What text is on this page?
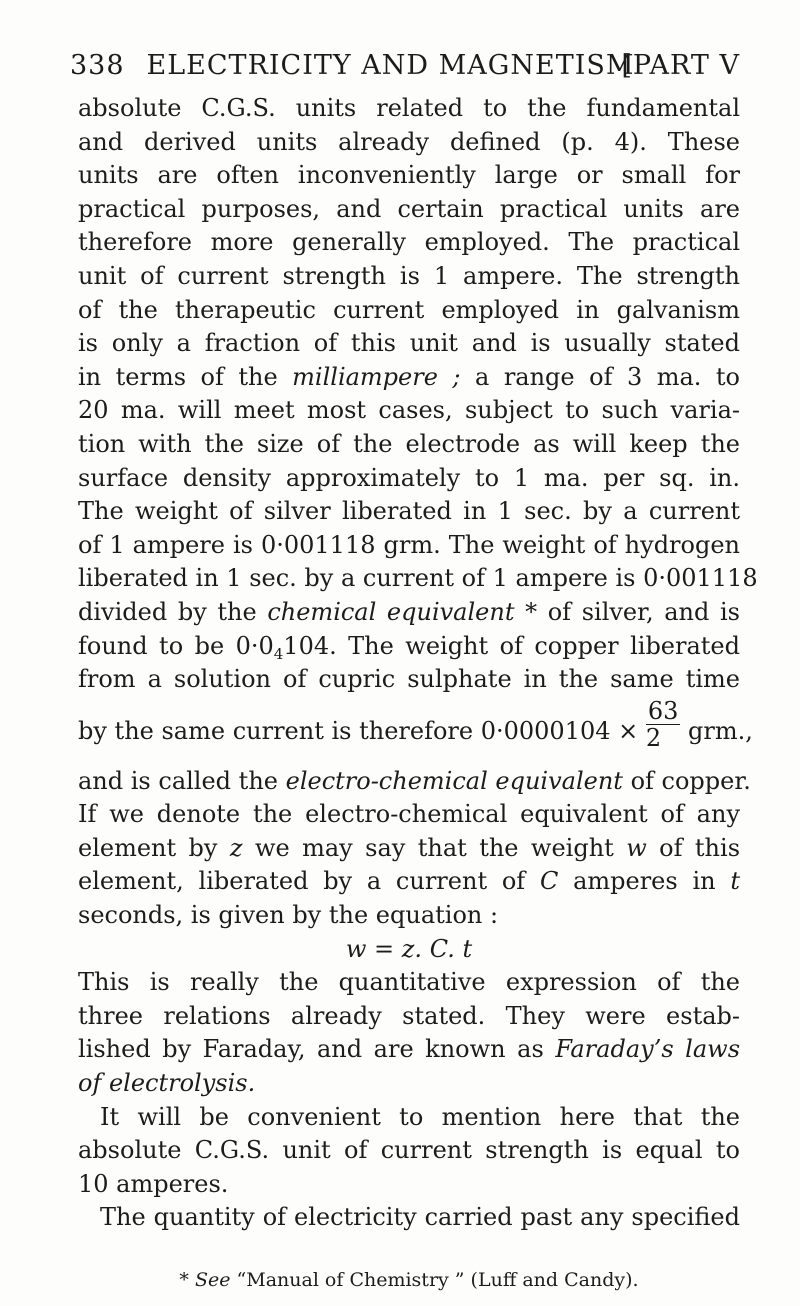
338 ELECTRICITY AND MAGNETISM
[PART V
absolute C.G.S. units related to the fundamental
and derived units already defined (p. 4). These
units are often inconveniently large or small for
practical purposes, and certain practical units are
therefore more generally employed. The practical
unit of current strength is 1 ampere. The strength
of the therapeutic current employed in galvanism
is only a fraction of this unit and is usually stated
in terms of the milliampere ; a range of 3 ma. to
20 ma. will meet most cases, subject to such varia-
tion with the size of the electrode as will keep the
surface density approximately to 1 ma. per sq. in.
The weight of silver liberated in 1 sec. by a current
of 1 ampere is 0·001118 grm. The weight of hydrogen
liberated in 1 sec. by a current of 1 ampere is 0·001118
divided by the chemical equivalent * of silver, and is
found to be $0\cdot 0_4104$. The weight of copper liberated
from a solution of cupric sulphate in the same time
by the same current is therefore $0\cdot 0000104 \times \frac{63}{2}$ grm.,
and is called the electro-chemical equivalent of copper.
If we denote the electro-chemical equivalent of any
element by z we may say that the weight w of this
element, liberated by a current of C amperes in t
seconds, is given by the equation :
w = z. C. t
This is really the quantitative expression of the
three relations already stated. They were estab-
lished by Faraday, and are known as Faraday’s laws
of electrolysis.
It will be convenient to mention here that the
absolute C.G.S. unit of current strength is equal to
10 amperes.
The quantity of electricity carried past any specified
* See “Manual of Chemistry ” (Luff and Candy).
